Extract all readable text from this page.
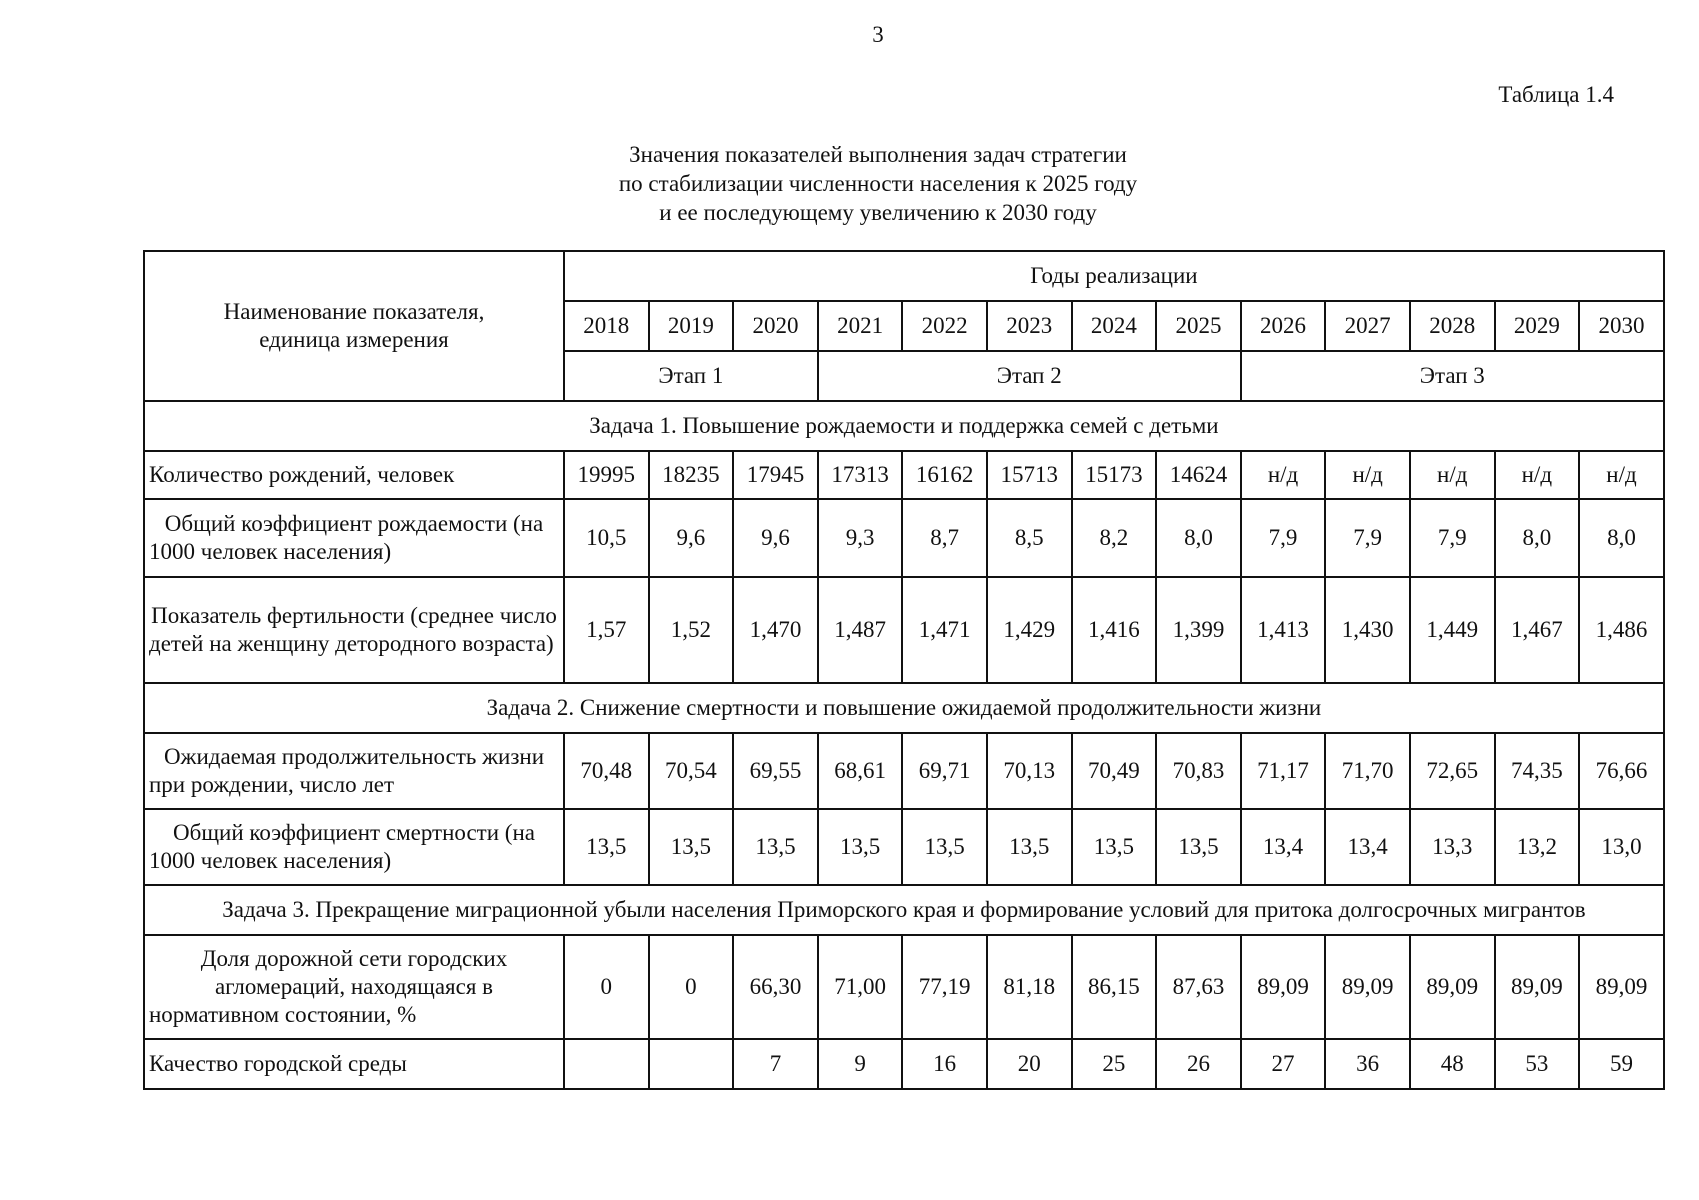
3
Таблица 1.4
Значения показателей выполнения задач стратегии
по стабилизации численности населения к 2025 году
и ее последующему увеличению к 2030 году
Наименование показателя,
единица измерения	Годы реализации												
	2018	2019	2020	2021	2022	2023	2024	2025	2026	2027	2028	2029	2030
	Этап 1			Этап 2					Этап 3				
Задача 1. Повышение рождаемости и поддержка семей с детьми													
Количество рождений, человек	19995	18235	17945	17313	16162	15713	15173	14624	н/д	н/д	н/д	н/д	н/д
Общий коэффициент рождаемости (на 1000 человек населения)	10,5	9,6	9,6	9,3	8,7	8,5	8,2	8,0	7,9	7,9	7,9	8,0	8,0
Показатель фертильности (среднее число детей на женщину детородного возраста)	1,57	1,52	1,470	1,487	1,471	1,429	1,416	1,399	1,413	1,430	1,449	1,467	1,486
Задача 2. Снижение смертности и повышение ожидаемой продолжительности жизни													
Ожидаемая продолжительность жизни при рождении, число лет	70,48	70,54	69,55	68,61	69,71	70,13	70,49	70,83	71,17	71,70	72,65	74,35	76,66
Общий коэффициент смертности (на 1000 человек населения)	13,5	13,5	13,5	13,5	13,5	13,5	13,5	13,5	13,4	13,4	13,3	13,2	13,0
Задача 3. Прекращение миграционной убыли населения Приморского края и формирование условий для притока долгосрочных мигрантов													
Доля дорожной сети городских агломераций, находящаяся в нормативном состоянии, %	0	0	66,30	71,00	77,19	81,18	86,15	87,63	89,09	89,09	89,09	89,09	89,09
Качество городской среды			7	9	16	20	25	26	27	36	48	53	59
